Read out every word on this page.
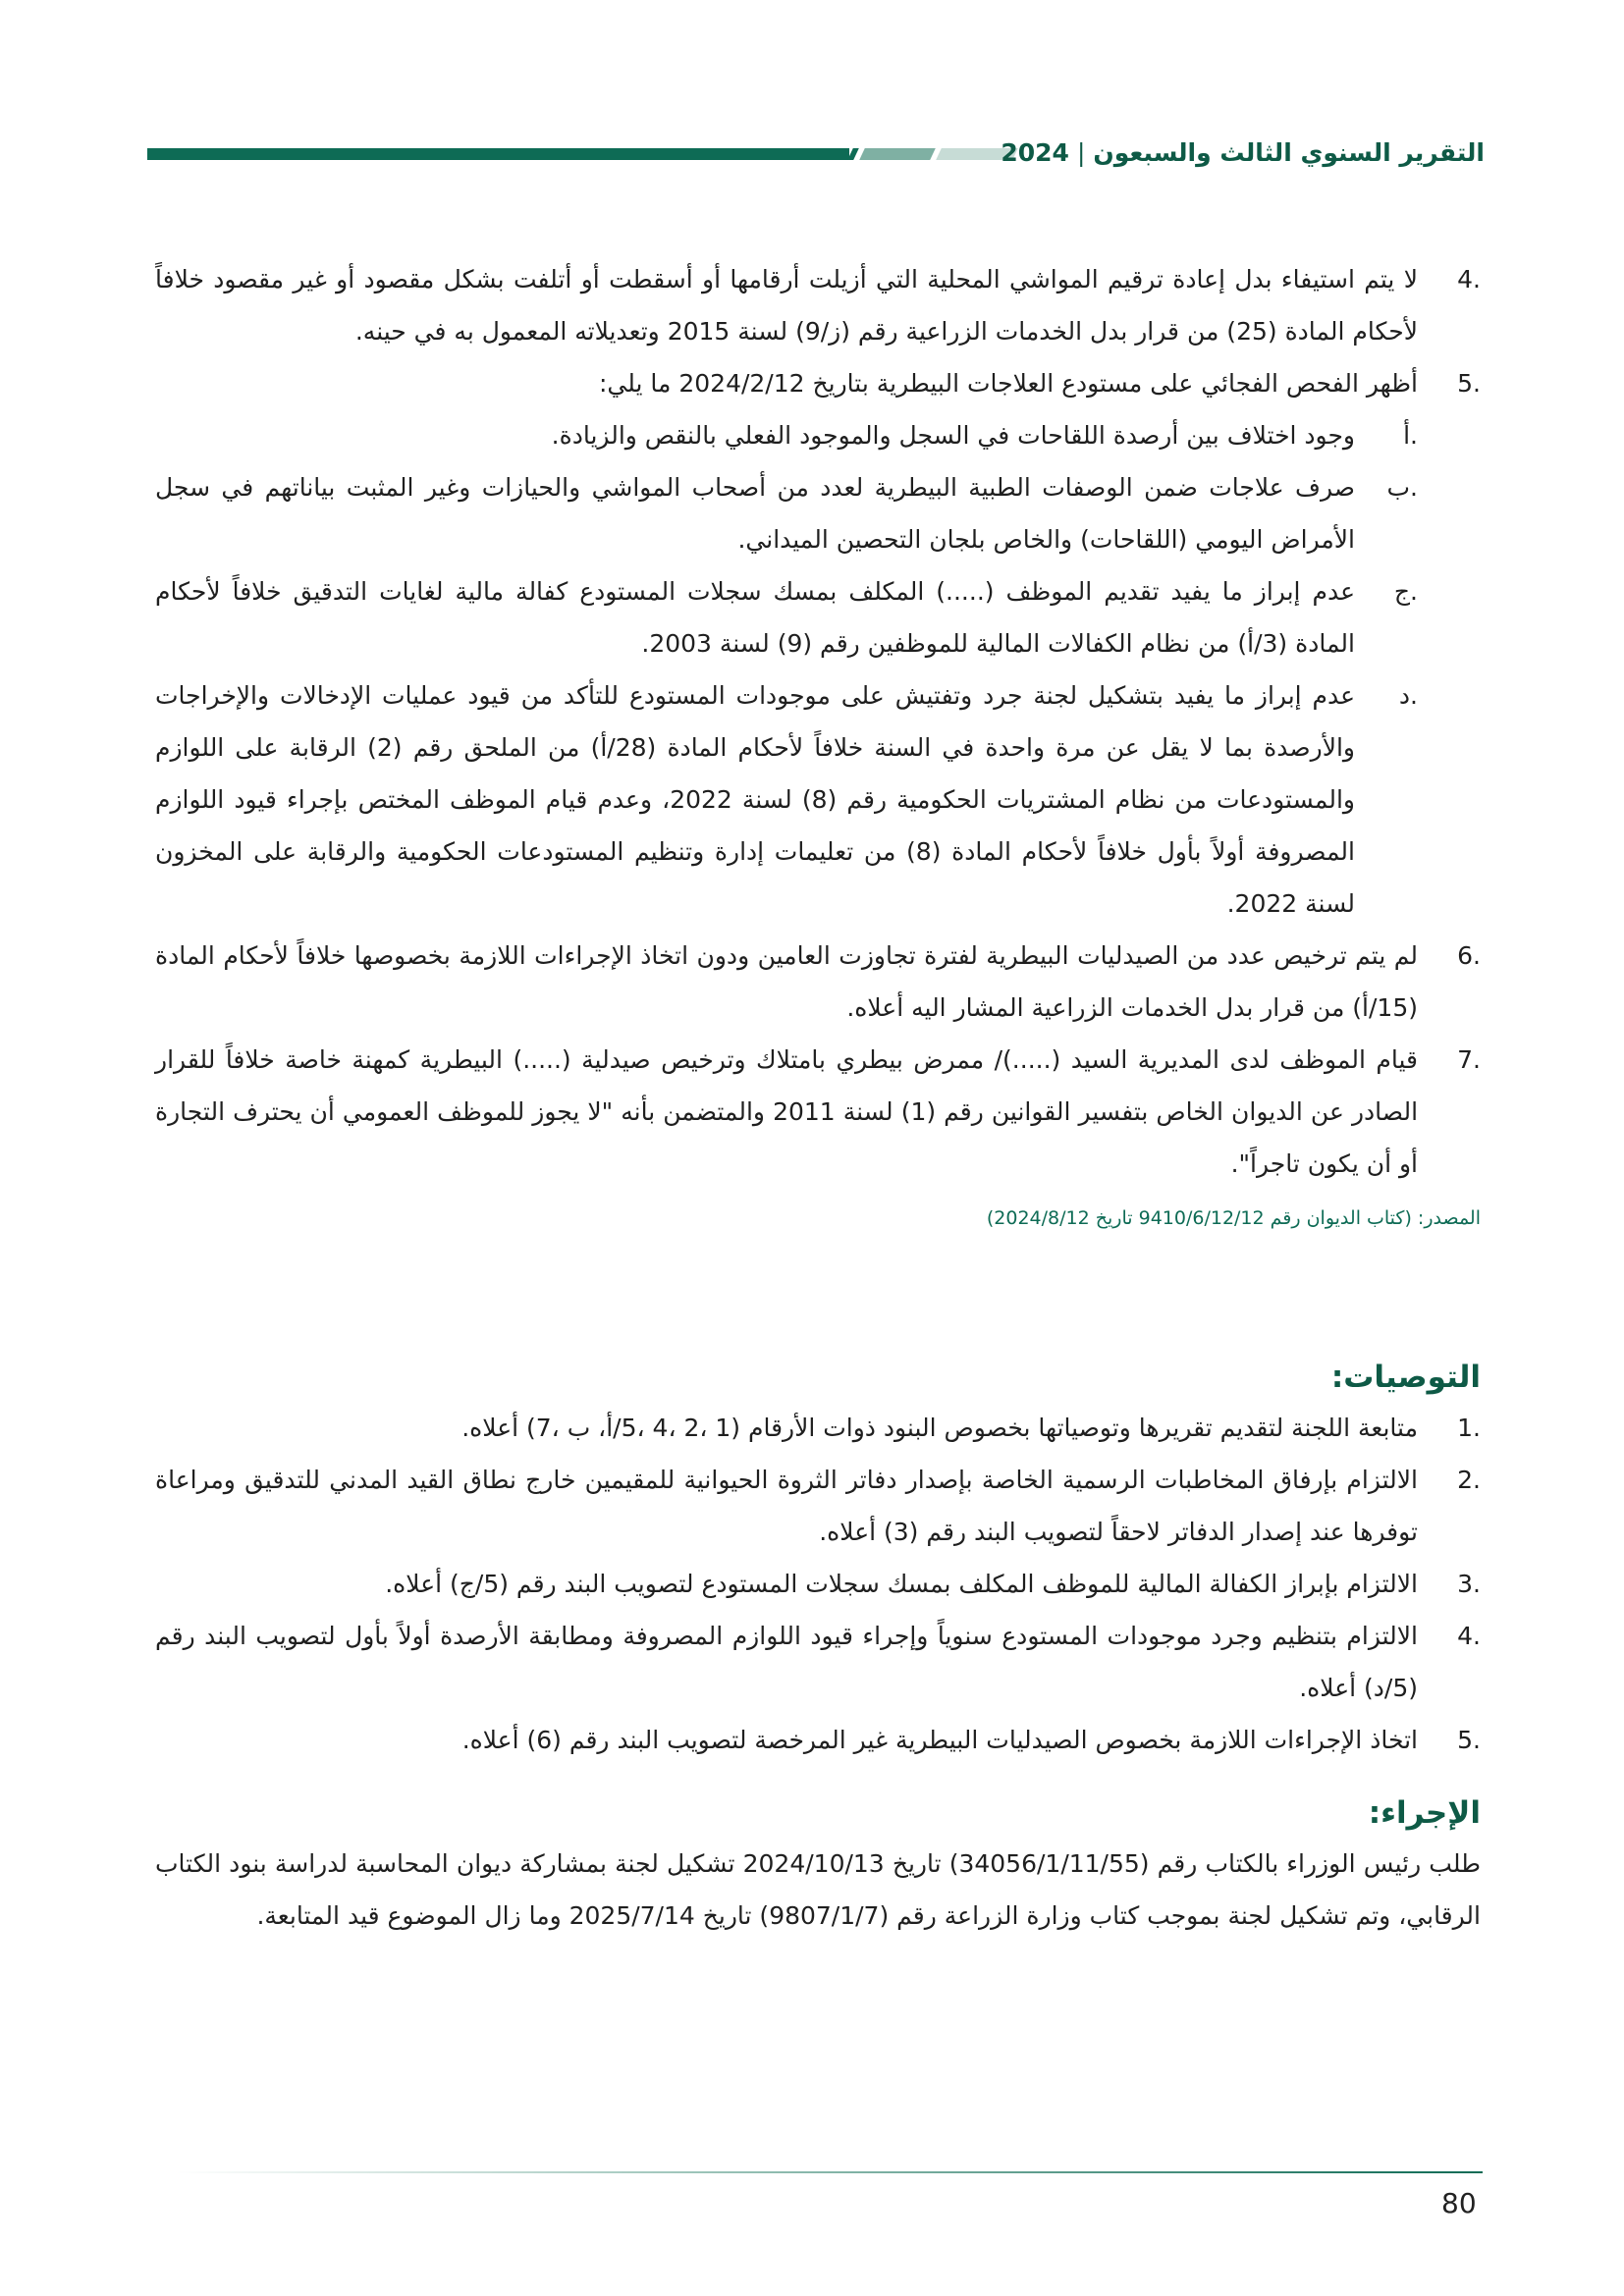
التقرير السنوي الثالث والسبعون|2024
4.
لا يتم استيفاء بدل إعادة ترقيم المواشي المحلية التي أزيلت أرقامها أو أسقطت أو أتلفت بشكل مقصود أو غير مقصود خلافاً لأحكام المادة (25) من قرار بدل الخدمات الزراعية رقم (ز/9) لسنة 2015 وتعديلاته المعمول به في حينه.
5.
أظهر الفحص الفجائي على مستودع العلاجات البيطرية بتاريخ 2024/2/12 ما يلي:
أ.
وجود اختلاف بين أرصدة اللقاحات في السجل والموجود الفعلي بالنقص والزيادة.
ب.
صرف علاجات ضمن الوصفات الطبية البيطرية لعدد من أصحاب المواشي والحيازات وغير المثبت بياناتهم في سجل الأمراض اليومي (اللقاحات) والخاص بلجان التحصين الميداني.
ج.
عدم إبراز ما يفيد تقديم الموظف (.....) المكلف بمسك سجلات المستودع كفالة مالية لغايات التدقيق خلافاً لأحكام المادة (3/أ) من نظام الكفالات المالية للموظفين رقم (9) لسنة 2003.
د.
عدم إبراز ما يفيد بتشكيل لجنة جرد وتفتيش على موجودات المستودع للتأكد من قيود عمليات الإدخالات والإخراجات والأرصدة بما لا يقل عن مرة واحدة في السنة خلافاً لأحكام المادة (28/أ) من الملحق رقم (2) الرقابة على اللوازم والمستودعات من نظام المشتريات الحكومية رقم (8) لسنة 2022، وعدم قيام الموظف المختص بإجراء قيود اللوازم المصروفة أولاً بأول خلافاً لأحكام المادة (8) من تعليمات إدارة وتنظيم المستودعات الحكومية والرقابة على المخزون لسنة 2022.
6.
لم يتم ترخيص عدد من الصيدليات البيطرية لفترة تجاوزت العامين ودون اتخاذ الإجراءات اللازمة بخصوصها خلافاً لأحكام المادة (15/أ) من قرار بدل الخدمات الزراعية المشار اليه أعلاه.
7.
قيام الموظف لدى المديرية السيد (.....)/ ممرض بيطري بامتلاك وترخيص صيدلية (.....) البيطرية كمهنة خاصة خلافاً للقرار الصادر عن الديوان الخاص بتفسير القوانين رقم (1) لسنة 2011 والمتضمن بأنه "لا يجوز للموظف العمومي أن يحترف التجارة أو أن يكون تاجراً".
المصدر: (كتاب الديوان رقم 9410/6/12/12 تاريخ 2024/8/12)
التوصيات:
1.
متابعة اللجنة لتقديم تقريرها وتوصياتها بخصوص البنود ذوات الأرقام (1 ،2 ،4 ،5/أ، ب ،7) أعلاه.
2.
الالتزام بإرفاق المخاطبات الرسمية الخاصة بإصدار دفاتر الثروة الحيوانية للمقيمين خارج نطاق القيد المدني للتدقيق ومراعاة توفرها عند إصدار الدفاتر لاحقاً لتصويب البند رقم (3) أعلاه.
3.
الالتزام بإبراز الكفالة المالية للموظف المكلف بمسك سجلات المستودع لتصويب البند رقم (5/ج) أعلاه.
4.
الالتزام بتنظيم وجرد موجودات المستودع سنوياً وإجراء قيود اللوازم المصروفة ومطابقة الأرصدة أولاً بأول لتصويب البند رقم (5/د) أعلاه.
5.
اتخاذ الإجراءات اللازمة بخصوص الصيدليات البيطرية غير المرخصة لتصويب البند رقم (6) أعلاه.
الإجراء:

طلب رئيس الوزراء بالكتاب رقم (34056/1/11/55) تاريخ 2024/10/13 تشكيل لجنة بمشاركة ديوان المحاسبة لدراسة بنود الكتاب الرقابي، وتم تشكيل لجنة بموجب كتاب وزارة الزراعة رقم (9807/1/7) تاريخ 2025/7/14 وما زال الموضوع قيد المتابعة.

80
